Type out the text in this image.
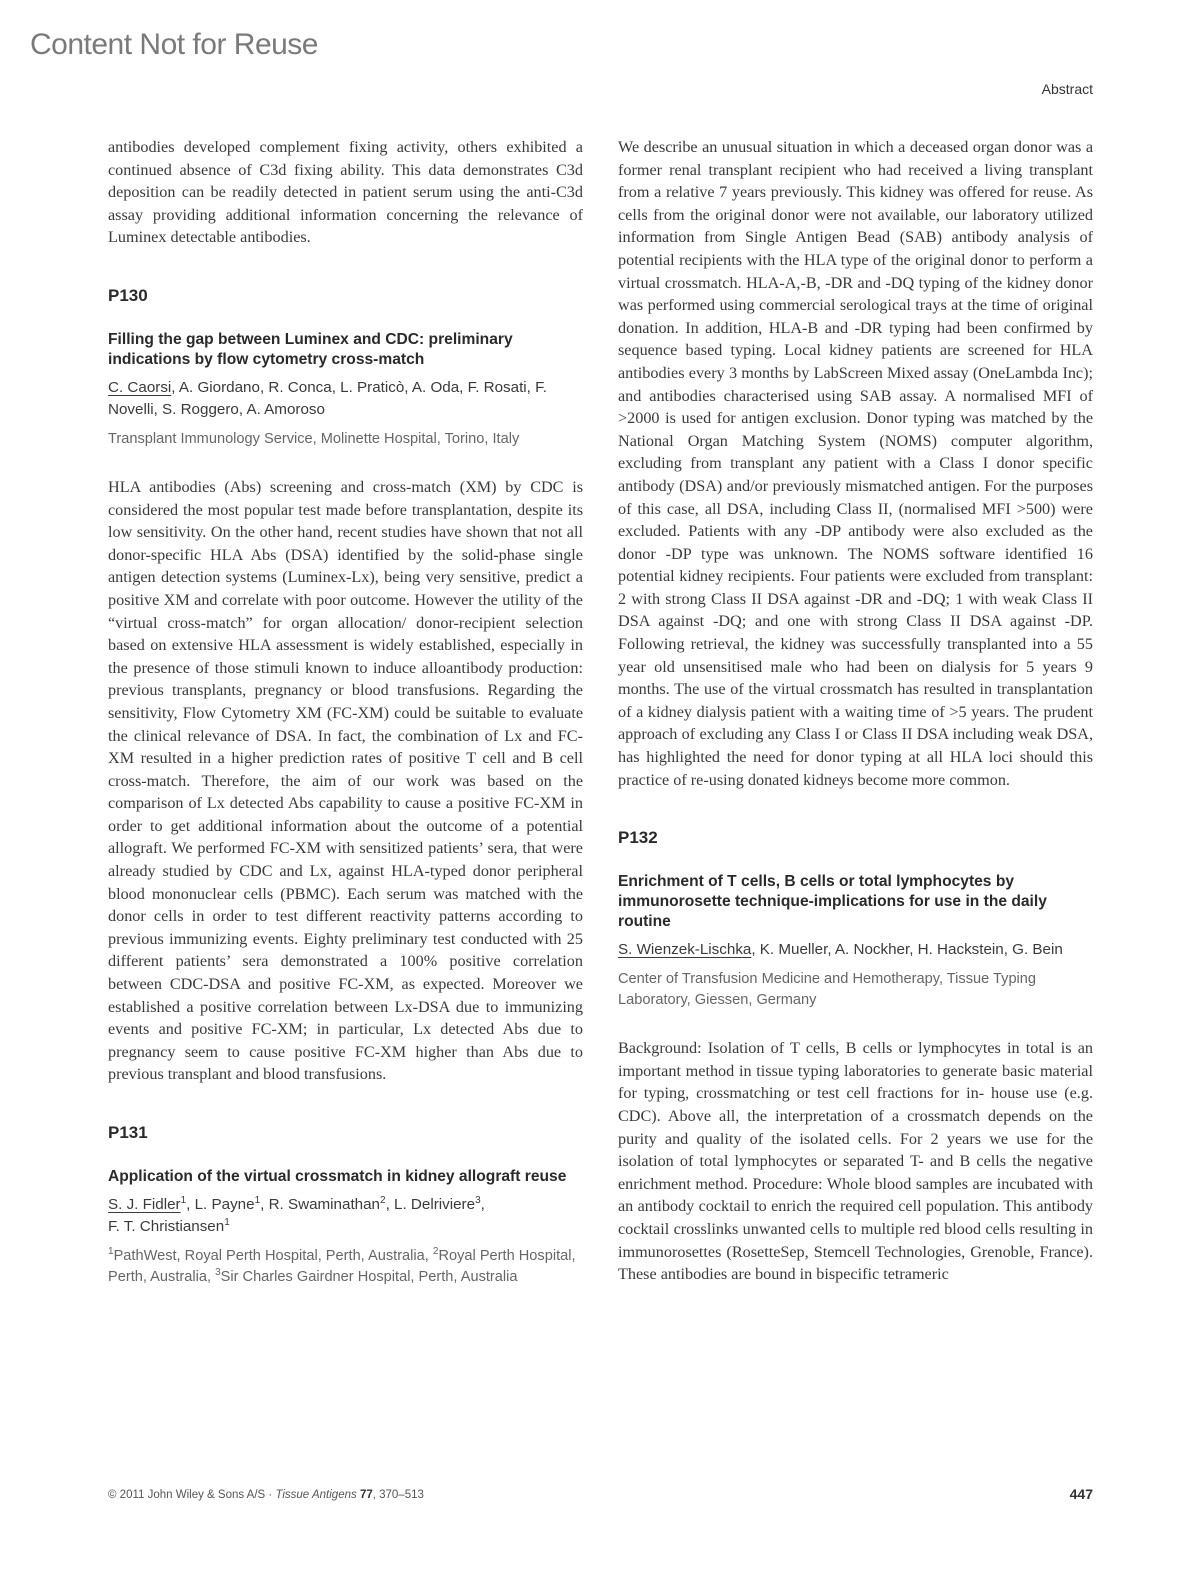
Content Not for Reuse
Abstract

antibodies developed complement fixing activity, others exhibited a continued absence of C3d fixing ability. This data demonstrates C3d deposition can be readily detected in patient serum using the anti-C3d assay providing additional information concerning the relevance of Luminex detectable antibodies.

P130

Filling the gap between Luminex and CDC: preliminary indications by flow cytometry cross-match

C. Caorsi, A. Giordano, R. Conca, L. Praticò, A. Oda, F. Rosati, F. Novelli, S. Roggero, A. Amoroso

Transplant Immunology Service, Molinette Hospital, Torino, Italy

HLA antibodies (Abs) screening and cross-match (XM) by CDC is considered the most popular test made before transplantation, despite its low sensitivity. On the other hand, recent studies have shown that not all donor-specific HLA Abs (DSA) identified by the solid-phase single antigen detection systems (Luminex-Lx), being very sensitive, predict a positive XM and correlate with poor outcome. However the utility of the “virtual cross-match” for organ allocation/ donor-recipient selection based on extensive HLA assessment is widely established, especially in the presence of those stimuli known to induce alloantibody production: previous transplants, pregnancy or blood transfusions. Regarding the sensitivity, Flow Cytometry XM (FC-XM) could be suitable to evaluate the clinical relevance of DSA. In fact, the combination of Lx and FC-XM resulted in a higher prediction rates of positive T cell and B cell cross-match. Therefore, the aim of our work was based on the comparison of Lx detected Abs capability to cause a positive FC-XM in order to get additional information about the outcome of a potential allograft. We performed FC-XM with sensitized patients’ sera, that were already studied by CDC and Lx, against HLA-typed donor peripheral blood mononuclear cells (PBMC). Each serum was matched with the donor cells in order to test different reactivity patterns according to previous immunizing events. Eighty preliminary test conducted with 25 different patients’ sera demonstrated a 100% positive correlation between CDC-DSA and positive FC-XM, as expected. Moreover we established a positive correlation between Lx-DSA due to immunizing events and positive FC-XM; in particular, Lx detected Abs due to pregnancy seem to cause positive FC-XM higher than Abs due to previous transplant and blood transfusions.

P131

Application of the virtual crossmatch in kidney allograft reuse

S. J. Fidler$^1$, L. Payne$^1$, R. Swaminathan$^2$, L. Delriviere$^3$,
F. T. Christiansen$^1$

$^1$PathWest, Royal Perth Hospital, Perth, Australia, $^2$Royal Perth Hospital, Perth, Australia, $^3$Sir Charles Gairdner Hospital, Perth, Australia

We describe an unusual situation in which a deceased organ donor was a former renal transplant recipient who had received a living transplant from a relative 7 years previously. This kidney was offered for reuse. As cells from the original donor were not available, our laboratory utilized information from Single Antigen Bead (SAB) antibody analysis of potential recipients with the HLA type of the original donor to perform a virtual crossmatch. HLA-A,-B, -DR and -DQ typing of the kidney donor was performed using commercial serological trays at the time of original donation. In addition, HLA-B and -DR typing had been confirmed by sequence based typing. Local kidney patients are screened for HLA antibodies every 3 months by LabScreen Mixed assay (OneLambda Inc); and antibodies characterised using SAB assay. A normalised MFI of >2000 is used for antigen exclusion. Donor typing was matched by the National Organ Matching System (NOMS) computer algorithm, excluding from transplant any patient with a Class I donor specific antibody (DSA) and/or previously mismatched antigen. For the purposes of this case, all DSA, including Class II, (normalised MFI >500) were excluded. Patients with any -DP antibody were also excluded as the donor -DP type was unknown. The NOMS software identified 16 potential kidney recipients. Four patients were excluded from transplant: 2 with strong Class II DSA against -DR and -DQ; 1 with weak Class II DSA against -DQ; and one with strong Class II DSA against -DP. Following retrieval, the kidney was successfully transplanted into a 55 year old unsensitised male who had been on dialysis for 5 years 9 months. The use of the virtual crossmatch has resulted in transplantation of a kidney dialysis patient with a waiting time of >5 years. The prudent approach of excluding any Class I or Class II DSA including weak DSA, has highlighted the need for donor typing at all HLA loci should this practice of re-using donated kidneys become more common.

P132

Enrichment of T cells, B cells or total lymphocytes by immunorosette technique-implications for use in the daily routine

S. Wienzek-Lischka, K. Mueller, A. Nockher, H. Hackstein, G. Bein

Center of Transfusion Medicine and Hemotherapy, Tissue Typing Laboratory, Giessen, Germany

Background: Isolation of T cells, B cells or lymphocytes in total is an important method in tissue typing laboratories to generate basic material for typing, crossmatching or test cell fractions for in- house use (e.g. CDC). Above all, the interpretation of a crossmatch depends on the purity and quality of the isolated cells. For 2 years we use for the isolation of total lymphocytes or separated T- and B cells the negative enrichment method. Procedure: Whole blood samples are incubated with an antibody cocktail to enrich the required cell population. This antibody cocktail crosslinks unwanted cells to multiple red blood cells resulting in immunorosettes (RosetteSep, Stemcell Technologies, Grenoble, France). These antibodies are bound in bispecific tetrameric

© 2011 John Wiley & Sons A/S · Tissue Antigens 77, 370–513	447
